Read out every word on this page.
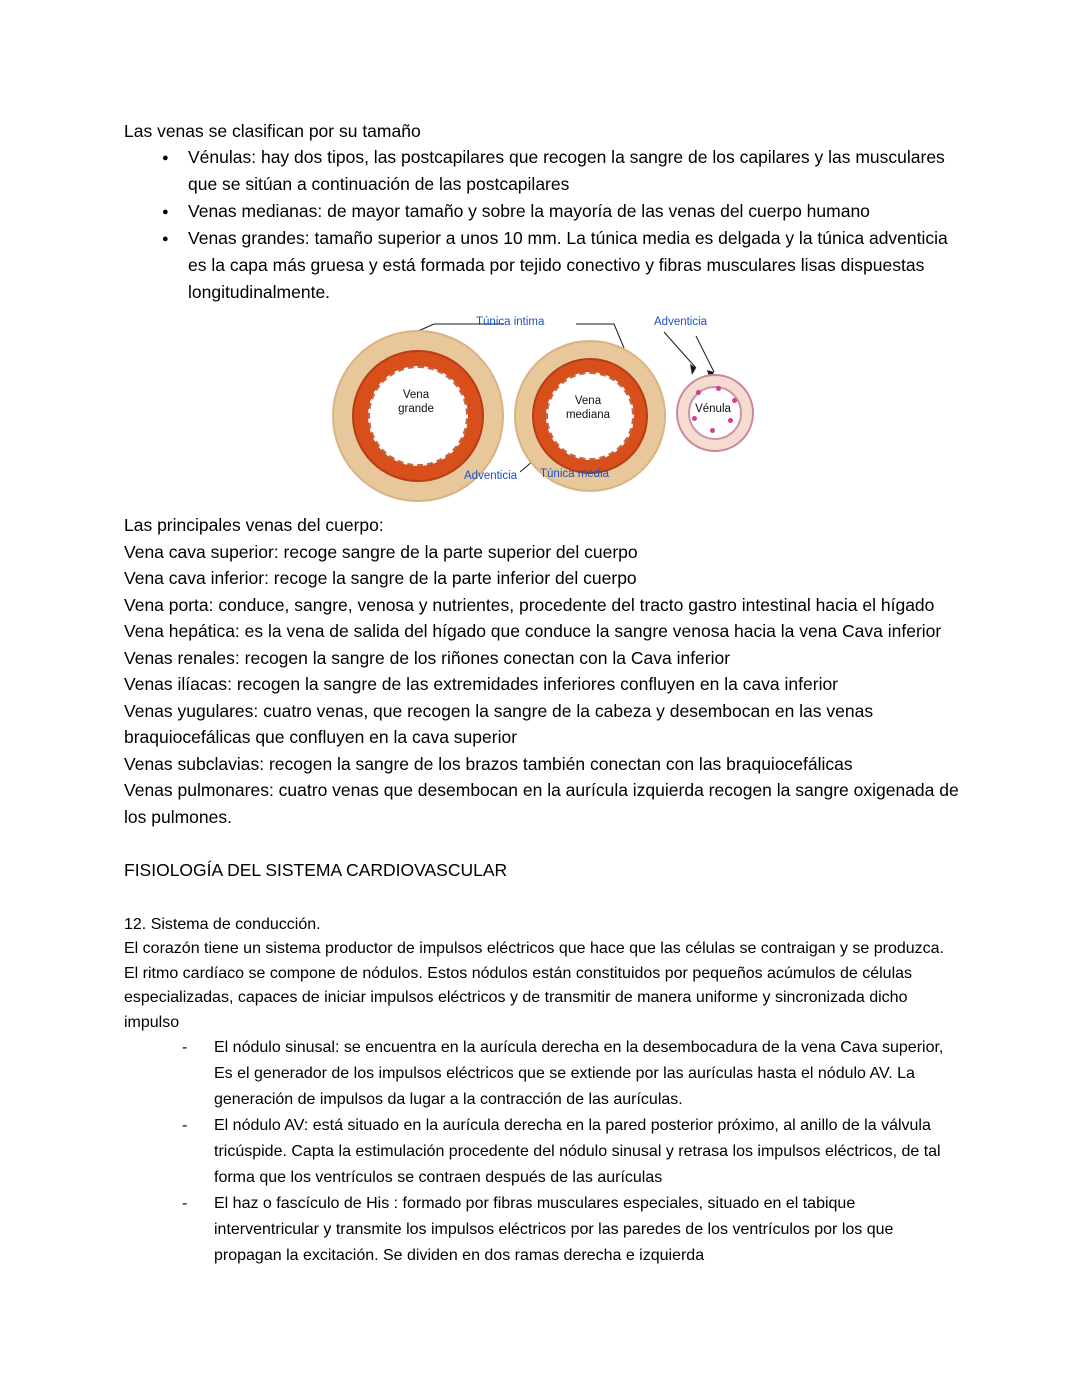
Las venas se clasifican por su tamaño

● Vénulas: hay dos tipos, las postcapilares que recogen la sangre de los capilares y las musculares que se sitúan a continuación de las postcapilares
● Venas medianas: de mayor tamaño y sobre la mayoría de las venas del cuerpo humano
● Venas grandes: tamaño superior a unos 10 mm. La túnica media es delgada y la túnica adventicia es la capa más gruesa y está formada por tejido conectivo y fibras musculares lisas dispuestas longitudinalmente.
Vena
grande
Vena
mediana	Vénula
Túnica intima	Adventicia
Adventicia Túnica media
Las principales venas del cuerpo:
Vena cava superior: recoge sangre de la parte superior del cuerpo
Vena cava inferior: recoge la sangre de la parte inferior del cuerpo
Vena porta: conduce, sangre, venosa y nutrientes, procedente del tracto gastro intestinal hacia el hígado
Vena hepática: es la vena de salida del hígado que conduce la sangre venosa hacia la vena Cava inferior
Venas renales: recogen la sangre de los riñones conectan con la Cava inferior
Venas ilíacas: recogen la sangre de las extremidades inferiores confluyen en la cava inferior
Venas yugulares: cuatro venas, que recogen la sangre de la cabeza y desembocan en las venas braquiocefálicas que confluyen en la cava superior
Venas subclavias: recogen la sangre de los brazos también conectan con las braquiocefálicas
Venas pulmonares: cuatro venas que desembocan en la aurícula izquierda recogen la sangre oxigenada de los pulmones.
FISIOLOGÍA DEL SISTEMA CARDIOVASCULAR
12. Sistema de conducción.
El corazón tiene un sistema productor de impulsos eléctricos que hace que las células se contraigan y se produzca. El ritmo cardíaco se compone de nódulos. Estos nódulos están constituidos por pequeños acúmulos de células especializadas, capaces de iniciar impulsos eléctricos y de transmitir de manera uniforme y sincronizada dicho impulso
- El nódulo sinusal: se encuentra en la aurícula derecha en la desembocadura de la vena Cava superior, Es el generador de los impulsos eléctricos que se extiende por las aurículas hasta el nódulo AV. La generación de impulsos da lugar a la contracción de las aurículas.
- El nódulo AV: está situado en la aurícula derecha en la pared posterior próximo, al anillo de la válvula tricúspide. Capta la estimulación procedente del nódulo sinusal y retrasa los impulsos eléctricos, de tal forma que los ventrículos se contraen después de las aurículas
- El haz o fascículo de His : formado por fibras musculares especiales, situado en el tabique interventricular y transmite los impulsos eléctricos por las paredes de los ventrículos por los que propagan la excitación. Se dividen en dos ramas derecha e izquierda
